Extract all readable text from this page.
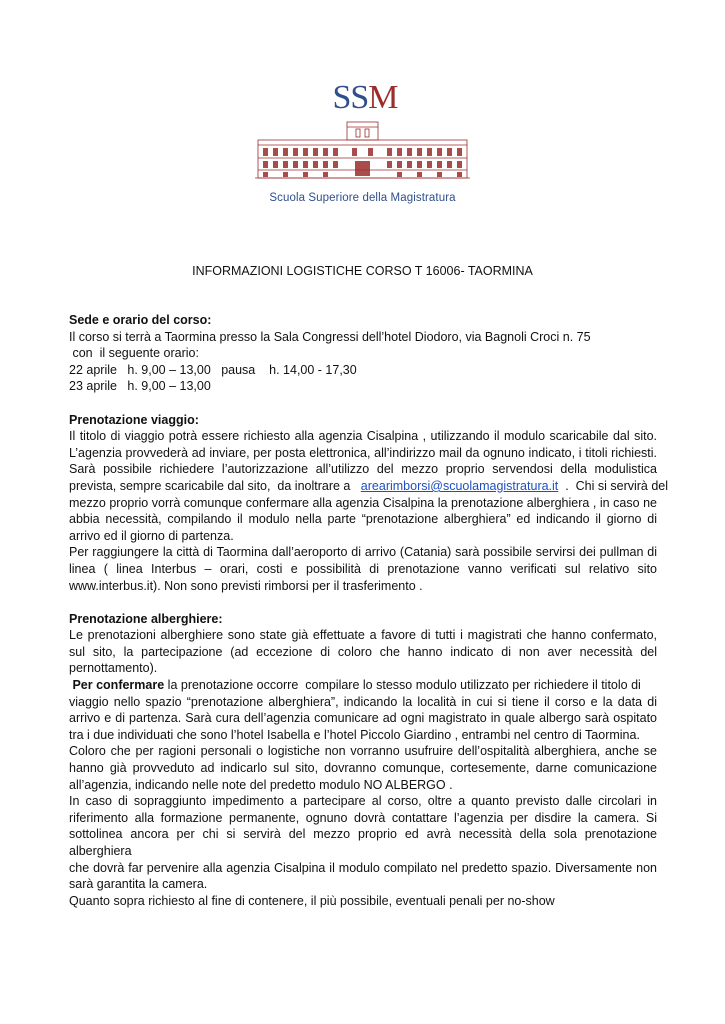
SSM
Scuola Superiore della Magistratura
INFORMAZIONI LOGISTICHE CORSO T 16006- TAORMINA

Sede e orario del corso:

Il corso si terrà a Taormina presso la Sala Congressi dell’hotel Diodoro, via Bagnoli Croci n. 75

con  il seguente orario:

22 aprile   h. 9,00 – 13,00   pausa    h. 14,00 - 17,30

23 aprile   h. 9,00 – 13,00

Prenotazione viaggio:

Il titolo di viaggio potrà essere richiesto alla agenzia Cisalpina , utilizzando il modulo scaricabile dal sito.

L’agenzia provvederà ad inviare, per posta elettronica, all’indirizzo mail da ognuno indicato, i titoli richiesti.

Sarà possibile richiedere l’autorizzazione all’utilizzo del mezzo proprio servendosi della modulistica

prevista, sempre scaricabile dal sito,  da inoltrare a   arearimborsi@scuolamagistratura.it  .  Chi si servirà del

mezzo proprio vorrà comunque confermare alla agenzia Cisalpina la prenotazione alberghiera , in caso ne

abbia necessità, compilando il modulo nella parte “prenotazione alberghiera” ed indicando il giorno di

arrivo ed il giorno di partenza.

Per raggiungere la città di Taormina dall’aeroporto di arrivo (Catania) sarà possibile servirsi dei pullman di

linea ( linea Interbus – orari, costi e possibilità di prenotazione vanno verificati sul relativo sito

www.interbus.it). Non sono previsti rimborsi per il trasferimento .

Prenotazione alberghiere:

Le prenotazioni alberghiere sono state già effettuate a favore di tutti i magistrati che hanno confermato,

sul sito, la partecipazione (ad eccezione di coloro che hanno indicato di non aver necessità del

pernottamento).

Per confermare la prenotazione occorre  compilare lo stesso modulo utilizzato per richiedere il titolo di

viaggio nello spazio “prenotazione alberghiera”, indicando la località in cui si tiene il corso e la data di

arrivo e di partenza. Sarà cura dell’agenzia comunicare ad ogni magistrato in quale albergo sarà ospitato

tra i due individuati che sono l’hotel Isabella e l’hotel Piccolo Giardino , entrambi nel centro di Taormina.

Coloro che per ragioni personali o logistiche non vorranno usufruire dell’ospitalità alberghiera, anche se

hanno già provveduto ad indicarlo sul sito, dovranno comunque, cortesemente, darne comunicazione

all’agenzia, indicando nelle note del predetto modulo NO ALBERGO .

In caso di sopraggiunto impedimento a partecipare al corso, oltre a quanto previsto dalle circolari in

riferimento alla formazione permanente, ognuno dovrà contattare l’agenzia per disdire la camera. Si

sottolinea ancora per chi si servirà del mezzo proprio ed avrà necessità della sola prenotazione alberghiera

che dovrà far pervenire alla agenzia Cisalpina il modulo compilato nel predetto spazio. Diversamente non

sarà garantita la camera.

Quanto sopra richiesto al fine di contenere, il più possibile, eventuali penali per no-show
